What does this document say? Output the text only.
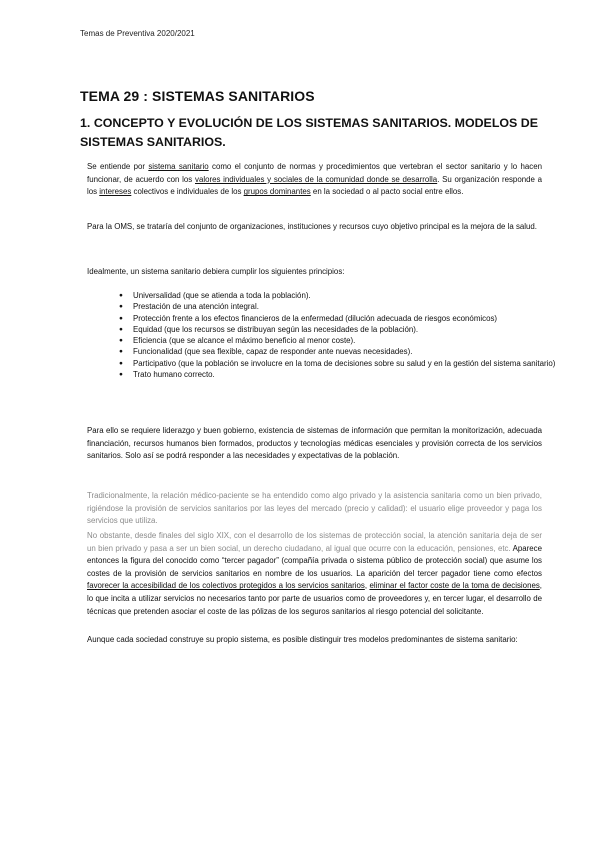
Temas de Preventiva 2020/2021
TEMA 29 : SISTEMAS SANITARIOS
1. CONCEPTO Y EVOLUCIÓN DE LOS SISTEMAS SANITARIOS. MODELOS DE SISTEMAS SANITARIOS.
Se entiende por sistema sanitario como el conjunto de normas y procedimientos que vertebran el sector sanitario y lo hacen funcionar, de acuerdo con los valores individuales y sociales de la comunidad donde se desarrolla. Su organización responde a los intereses colectivos e individuales de los grupos dominantes en la sociedad o al pacto social entre ellos.
Para la OMS, se trataría del conjunto de organizaciones, instituciones y recursos cuyo objetivo principal es la mejora de la salud.
Idealmente, un sistema sanitario debiera cumplir los siguientes principios:
● Universalidad (que se atienda a toda la población).
● Prestación de una atención integral.
● Protección frente a los efectos financieros de la enfermedad (dilución adecuada de riesgos económicos)
● Equidad (que los recursos se distribuyan según las necesidades de la población).
● Eficiencia (que se alcance el máximo beneficio al menor coste).
● Funcionalidad (que sea flexible, capaz de responder ante nuevas necesidades).
● Participativo (que la población se involucre en la toma de decisiones sobre su salud y en la gestión del sistema sanitario)
● Trato humano correcto.
Para ello se requiere liderazgo y buen gobierno, existencia de sistemas de información que permitan la monitorización, adecuada financiación, recursos humanos bien formados, productos y tecnologías médicas esenciales y provisión correcta de los servicios sanitarios. Solo así se podrá responder a las necesidades y expectativas de la población.
Tradicionalmente, la relación médico-paciente se ha entendido como algo privado y la asistencia sanitaria como un bien privado, rigiéndose la provisión de servicios sanitarios por las leyes del mercado (precio y calidad): el usuario elige proveedor y paga los servicios que utiliza.
No obstante, desde finales del siglo XIX, con el desarrollo de los sistemas de protección social, la atención sanitaria deja de ser un bien privado y pasa a ser un bien social, un derecho ciudadano, al igual que ocurre con la educación, pensiones, etc. Aparece entonces la figura del conocido como “tercer pagador” (compañía privada o sistema público de protección social) que asume los costes de la provisión de servicios sanitarios en nombre de los usuarios. La aparición del tercer pagador tiene como efectos favorecer la accesibilidad de los colectivos protegidos a los servicios sanitarios, eliminar el factor coste de la toma de decisiones, lo que incita a utilizar servicios no necesarios tanto por parte de usuarios como de proveedores y, en tercer lugar, el desarrollo de técnicas que pretenden asociar el coste de las pólizas de los seguros sanitarios al riesgo potencial del solicitante.
Aunque cada sociedad construye su propio sistema, es posible distinguir tres modelos predominantes de sistema sanitario:
